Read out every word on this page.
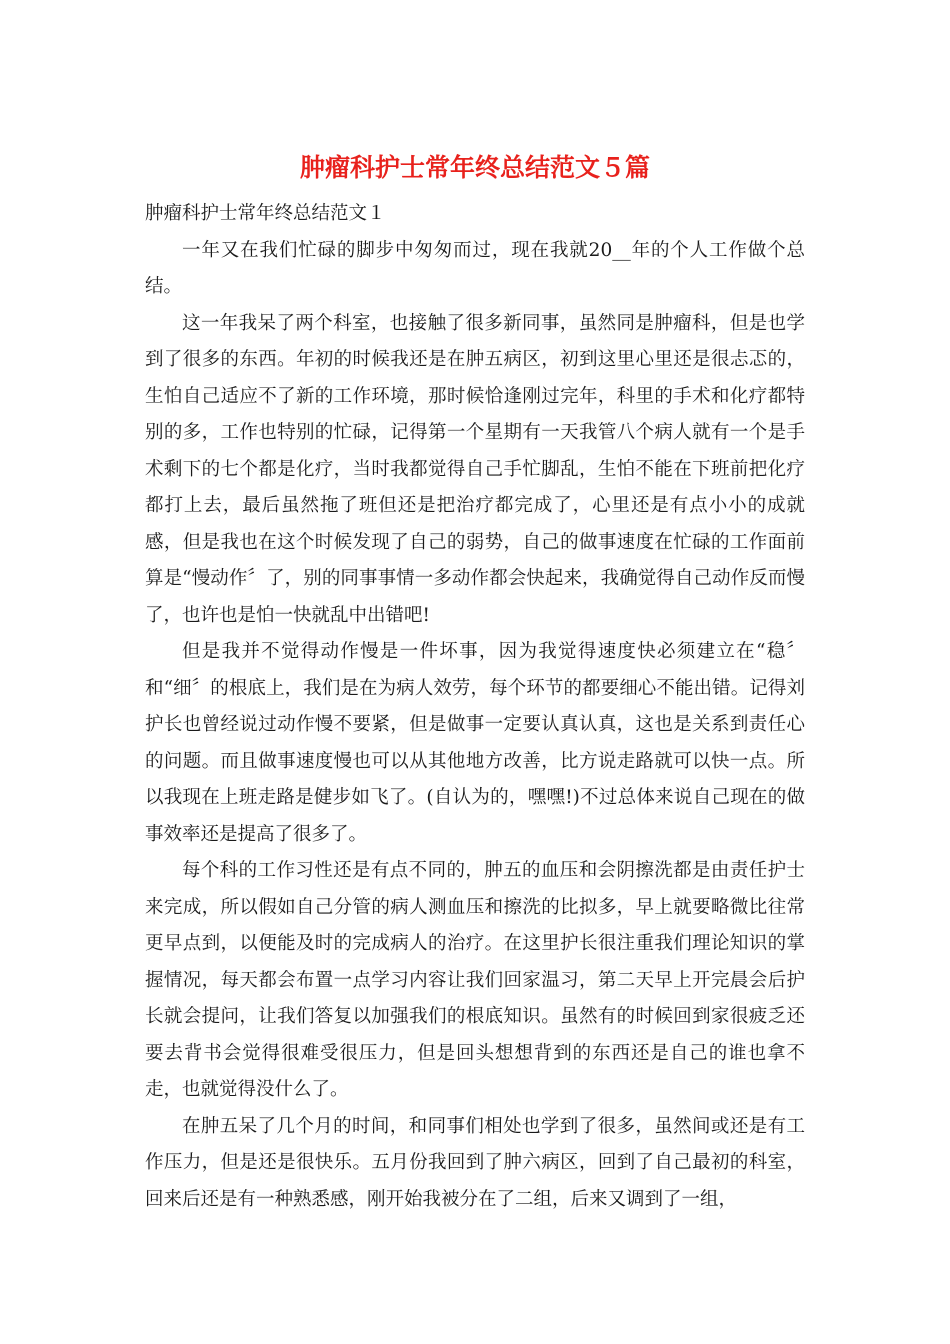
肿瘤科护士常年终总结范文５篇

肿瘤科护士常年终总结范文１

一年又在我们忙碌的脚步中匆匆而过，现在我就20__年的个人工作做个总结。

这一年我呆了两个科室，也接触了很多新同事，虽然同是肿瘤科，但是也学到了很多的东西。年初的时候我还是在肿五病区，初到这里心里还是很忐忑的，生怕自己适应不了新的工作环境，那时候恰逢刚过完年，科里的手术和化疗都特别的多，工作也特别的忙碌，记得第一个星期有一天我管八个病人就有一个是手术剩下的七个都是化疗，当时我都觉得自己手忙脚乱，生怕不能在下班前把化疗都打上去，最后虽然拖了班但还是把治疗都完成了，心里还是有点小小的成就感，但是我也在这个时候发现了自己的弱势，自己的做事速度在忙碌的工作面前算是“慢动作〞了，别的同事事情一多动作都会快起来，我确觉得自己动作反而慢了，也许也是怕一快就乱中出错吧!

但是我并不觉得动作慢是一件坏事，因为我觉得速度快必须建立在“稳〞和“细〞的根底上，我们是在为病人效劳，每个环节的都要细心不能出错。记得刘护长也曾经说过动作慢不要紧，但是做事一定要认真认真，这也是关系到责任心的问题。而且做事速度慢也可以从其他地方改善，比方说走路就可以快一点。所以我现在上班走路是健步如飞了。(自认为的，嘿嘿!)不过总体来说自己现在的做事效率还是提高了很多了。

每个科的工作习性还是有点不同的，肿五的血压和会阴擦洗都是由责任护士来完成，所以假如自己分管的病人测血压和擦洗的比拟多，早上就要略微比往常更早点到，以便能及时的完成病人的治疗。在这里护长很注重我们理论知识的掌握情况，每天都会布置一点学习内容让我们回家温习，第二天早上开完晨会后护长就会提问，让我们答复以加强我们的根底知识。虽然有的时候回到家很疲乏还要去背书会觉得很难受很压力，但是回头想想背到的东西还是自己的谁也拿不走，也就觉得没什么了。

在肿五呆了几个月的时间，和同事们相处也学到了很多，虽然间或还是有工作压力，但是还是很快乐。五月份我回到了肿六病区，回到了自己最初的科室，回来后还是有一种熟悉感，刚开始我被分在了二组，后来又调到了一组，
